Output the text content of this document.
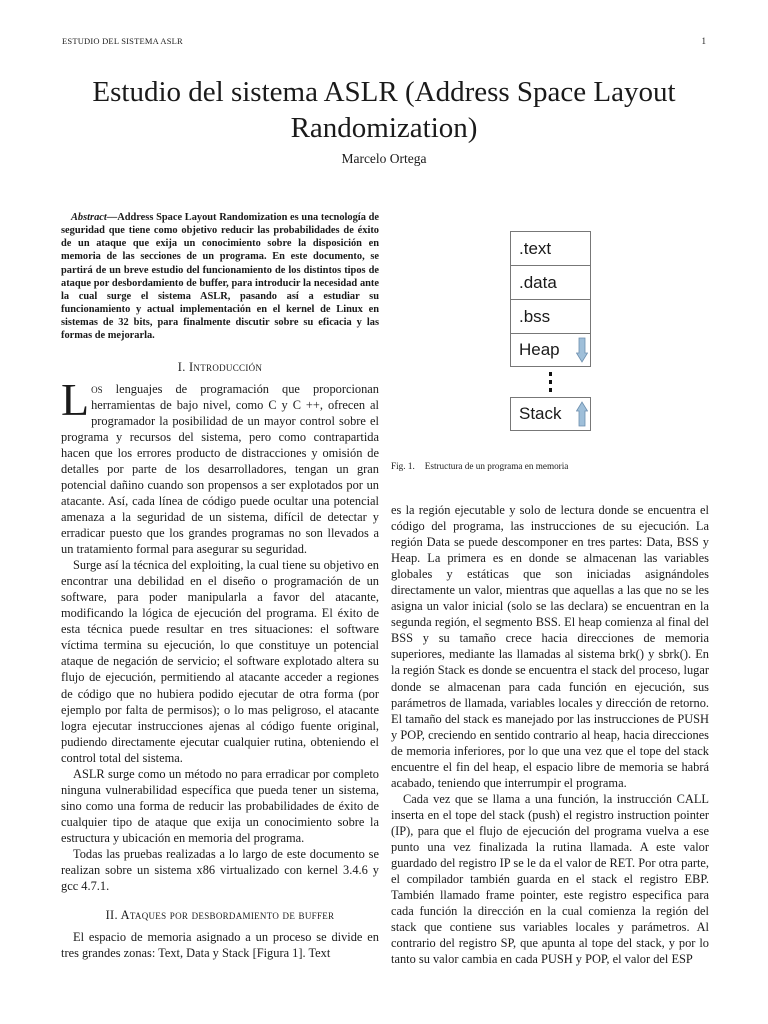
ESTUDIO DEL SISTEMA ASLR	1
Estudio del sistema ASLR (Address Space Layout Randomization)
Marcelo Ortega

Abstract—Address Space Layout Randomization es una tecnología de seguridad que tiene como objetivo reducir las probabilidades de éxito de un ataque que exija un conocimiento sobre la disposición en memoria de las secciones de un programa. En este documento, se partirá de un breve estudio del funcionamiento de los distintos tipos de ataque por desbordamiento de buffer, para introducir la necesidad ante la cual surge el sistema ASLR, pasando así a estudiar su funcionamiento y actual implementación en el kernel de Linux en sistemas de 32 bits, para finalmente discutir sobre su eficacia y las formas de mejorarla.

I. Introducción

Los lenguajes de programación que proporcionan herramientas de bajo nivel, como C y C ++, ofrecen al programador la posibilidad de un mayor control sobre el programa y recursos del sistema, pero como contrapartida hacen que los errores producto de distracciones y omisión de detalles por parte de los desarrolladores, tengan un gran potencial dañino cuando son propensos a ser explotados por un atacante. Así, cada línea de código puede ocultar una potencial amenaza a la seguridad de un sistema, difícil de detectar y erradicar puesto que los grandes programas no son llevados a un tratamiento formal para asegurar su seguridad.

Surge así la técnica del exploiting, la cual tiene su objetivo en encontrar una debilidad en el diseño o programación de un software, para poder manipularla a favor del atacante, modificando la lógica de ejecución del programa. El éxito de esta técnica puede resultar en tres situaciones: el software víctima termina su ejecución, lo que constituye un potencial ataque de negación de servicio; el software explotado altera su flujo de ejecución, permitiendo al atacante acceder a regiones de código que no hubiera podido ejecutar de otra forma (por ejemplo por falta de permisos); o lo mas peligroso, el atacante logra ejecutar instrucciones ajenas al código fuente original, pudiendo directamente ejecutar cualquier rutina, obteniendo el control total del sistema.

ASLR surge como un método no para erradicar por completo ninguna vulnerabilidad específica que pueda tener un sistema, sino como una forma de reducir las probabilidades de éxito de cualquier tipo de ataque que exija un conocimiento sobre la estructura y ubicación en memoria del programa.

Todas las pruebas realizadas a lo largo de este documento se realizan sobre un sistema x86 virtualizado con kernel 3.4.6 y gcc 4.7.1.

II. Ataques por desbordamiento de buffer

El espacio de memoria asignado a un proceso se divide en tres grandes zonas: Text, Data y Stack [Figura 1]. Text

.text
.data
.bss
Heap
Stack
Fig. 1. Estructura de un programa en memoria

es la región ejecutable y solo de lectura donde se encuentra el código del programa, las instrucciones de su ejecución. La región Data se puede descomponer en tres partes: Data, BSS y Heap. La primera es en donde se almacenan las variables globales y estáticas que son iniciadas asignándoles directamente un valor, mientras que aquellas a las que no se les asigna un valor inicial (solo se las declara) se encuentran en la segunda región, el segmento BSS. El heap comienza al final del BSS y su tamaño crece hacia direcciones de memoria superiores, mediante las llamadas al sistema brk() y sbrk(). En la región Stack es donde se encuentra el stack del proceso, lugar donde se almacenan para cada función en ejecución, sus parámetros de llamada, variables locales y dirección de retorno. El tamaño del stack es manejado por las instrucciones de PUSH y POP, creciendo en sentido contrario al heap, hacia direcciones de memoria inferiores, por lo que una vez que el tope del stack encuentre el fin del heap, el espacio libre de memoria se habrá acabado, teniendo que interrumpir el programa.

Cada vez que se llama a una función, la instrucción CALL inserta en el tope del stack (push) el registro instruction pointer (IP), para que el flujo de ejecución del programa vuelva a ese punto una vez finalizada la rutina llamada. A este valor guardado del registro IP se le da el valor de RET. Por otra parte, el compilador también guarda en el stack el registro EBP. También llamado frame pointer, este registro especifica para cada función la dirección en la cual comienza la región del stack que contiene sus variables locales y parámetros. Al contrario del registro SP, que apunta al tope del stack, y por lo tanto su valor cambia en cada PUSH y POP, el valor del ESP
